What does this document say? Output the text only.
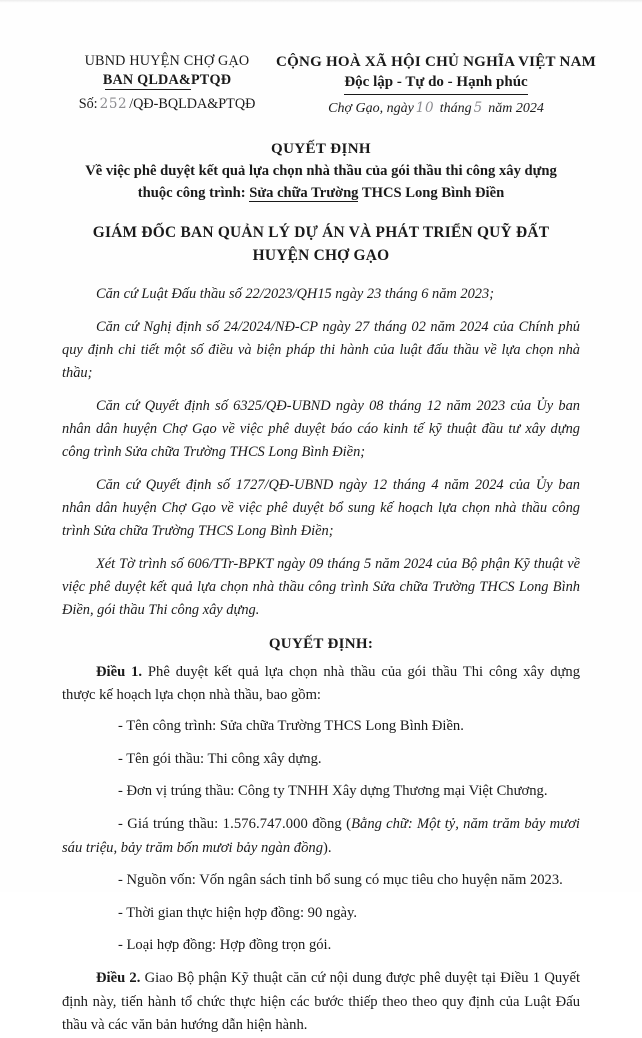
UBND HUYỆN CHỢ GẠO
BAN QLDA&PTQĐ
Số: 252 /QĐ-BQLDA&PTQĐ
CỘNG HOÀ XÃ HỘI CHỦ NGHĨA VIỆT NAM
Độc lập - Tự do - Hạnh phúc
Chợ Gạo, ngày 10 tháng 5 năm 2024
QUYẾT ĐỊNH
Về việc phê duyệt kết quả lựa chọn nhà thầu của gói thầu thi công xây dựng thuộc công trình: Sửa chữa Trường THCS Long Bình Điền
GIÁM ĐỐC BAN QUẢN LÝ DỰ ÁN VÀ PHÁT TRIỂN QUỸ ĐẤT
HUYỆN CHỢ GẠO

Căn cứ Luật Đấu thầu số 22/2023/QH15 ngày 23 tháng 6 năm 2023;

Căn cứ Nghị định số 24/2024/NĐ-CP ngày 27 tháng 02 năm 2024 của Chính phủ quy định chi tiết một số điều và biện pháp thi hành của luật đấu thầu về lựa chọn nhà thầu;

Căn cứ Quyết định số 6325/QĐ-UBND ngày 08 tháng 12 năm 2023 của Ủy ban nhân dân huyện Chợ Gạo về việc phê duyệt báo cáo kinh tế kỹ thuật đầu tư xây dựng công trình Sửa chữa Trường THCS Long Bình Điền;

Căn cứ Quyết định số 1727/QĐ-UBND ngày 12 tháng 4 năm 2024 của Ủy ban nhân dân huyện Chợ Gạo về việc phê duyệt bổ sung kế hoạch lựa chọn nhà thầu công trình Sửa chữa Trường THCS Long Bình Điền;

Xét Tờ trình số 606/TTr-BPKT ngày 09 tháng 5 năm 2024 của Bộ phận Kỹ thuật về việc phê duyệt kết quả lựa chọn nhà thầu công trình Sửa chữa Trường THCS Long Bình Điền, gói thầu Thi công xây dựng.

QUYẾT ĐỊNH:

Điều 1. Phê duyệt kết quả lựa chọn nhà thầu của gói thầu Thi công xây dựng thược kế hoạch lựa chọn nhà thầu, bao gồm:

- Tên công trình: Sửa chữa Trường THCS Long Bình Điền.

- Tên gói thầu: Thi công xây dựng.

- Đơn vị trúng thầu: Công ty TNHH Xây dựng Thương mại Việt Chương.

- Giá trúng thầu: 1.576.747.000 đồng (Bằng chữ: Một tỷ, năm trăm bảy mươi sáu triệu, bảy trăm bốn mươi bảy ngàn đồng).

- Nguồn vốn: Vốn ngân sách tỉnh bổ sung có mục tiêu cho huyện năm 2023.

- Thời gian thực hiện hợp đồng: 90 ngày.

- Loại hợp đồng: Hợp đồng trọn gói.

Điều 2. Giao Bộ phận Kỹ thuật căn cứ nội dung được phê duyệt tại Điều 1 Quyết định này, tiến hành tổ chức thực hiện các bước thiếp theo theo quy định của Luật Đấu thầu và các văn bản hướng dẫn hiện hành.
